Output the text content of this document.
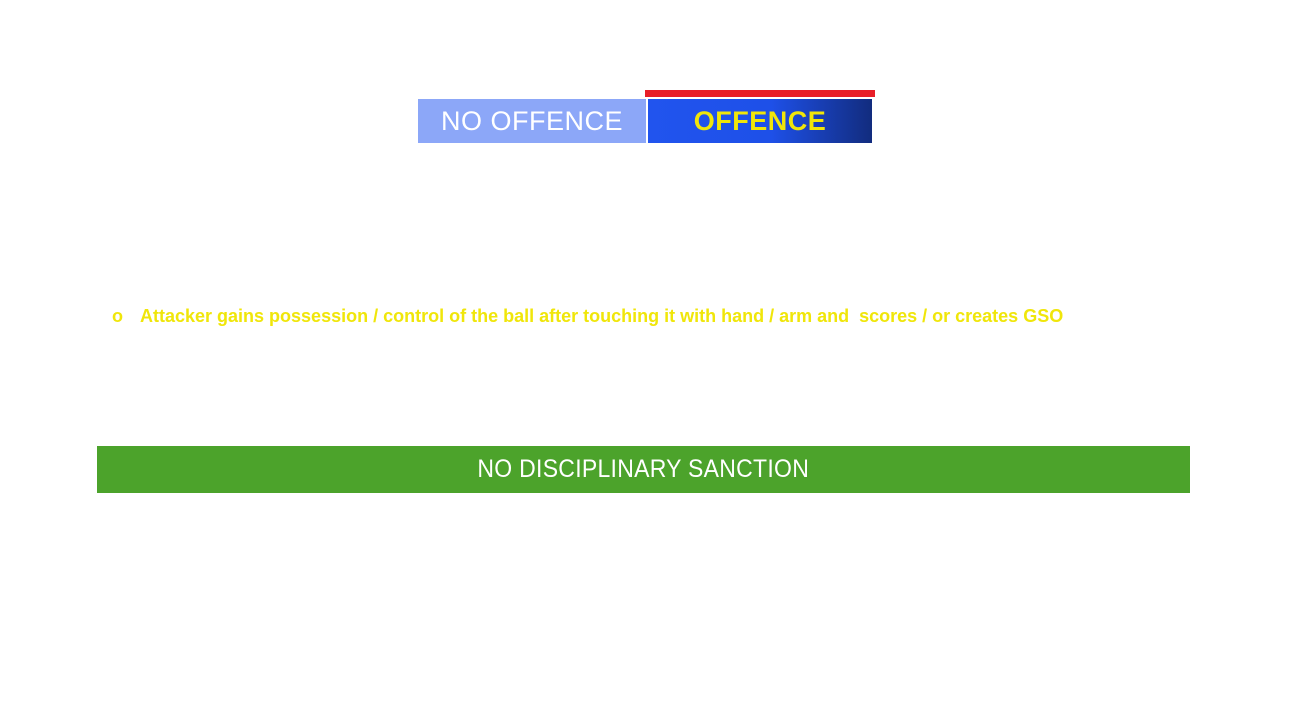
NO OFFENCE	OFFENCE
o Attacker gains possession / control of the ball after touching it with hand / arm and  scores / or creates GSO
NO DISCIPLINARY SANCTION
